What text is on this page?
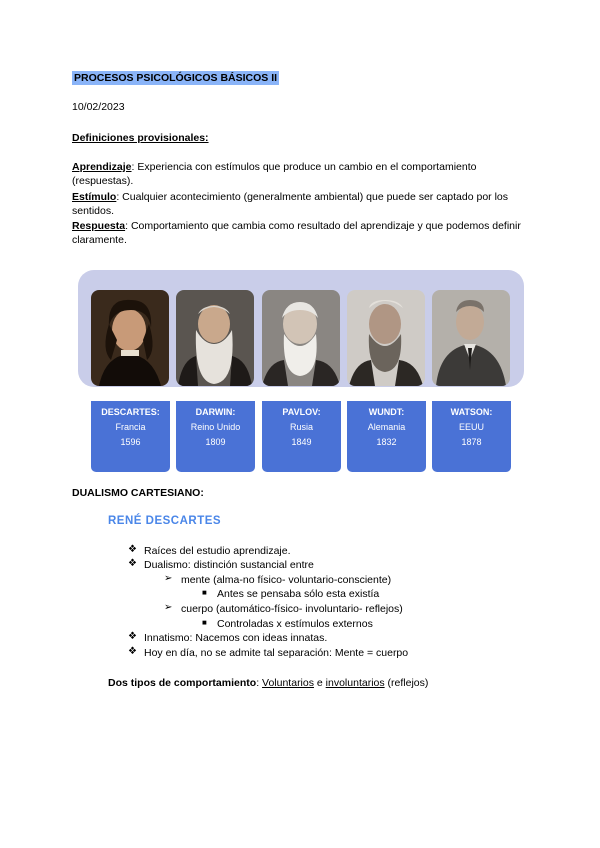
PROCESOS PSICOLÓGICOS BÁSICOS II
10/02/2023
Definiciones provisionales:
Aprendizaje: Experiencia con estímulos que produce un cambio en el comportamiento (respuestas).
Estímulo: Cualquier acontecimiento (generalmente ambiental) que puede ser captado por los sentidos.
Respuesta: Comportamiento que cambia como resultado del aprendizaje y que podemos definir claramente.
DESCARTES:
Francia
1596
DARWIN:
Reino Unido
1809
PAVLOV:
Rusia
1849
WUNDT:
Alemania
1832
WATSON:
EEUU
1878
DUALISMO CARTESIANO:
RENÉ DESCARTES
❖ Raíces del estudio aprendizaje.
❖ Dualismo: distinción sustancial entre
➢ mente (alma-no físico- voluntario-consciente)
■ Antes se pensaba sólo esta existía
➢ cuerpo (automático-físico- involuntario- reflejos)
■ Controladas x estímulos externos
❖ Innatismo: Nacemos con ideas innatas.
❖ Hoy en día, no se admite tal separación: Mente = cuerpo
Dos tipos de comportamiento: Voluntarios e involuntarios (reflejos)
